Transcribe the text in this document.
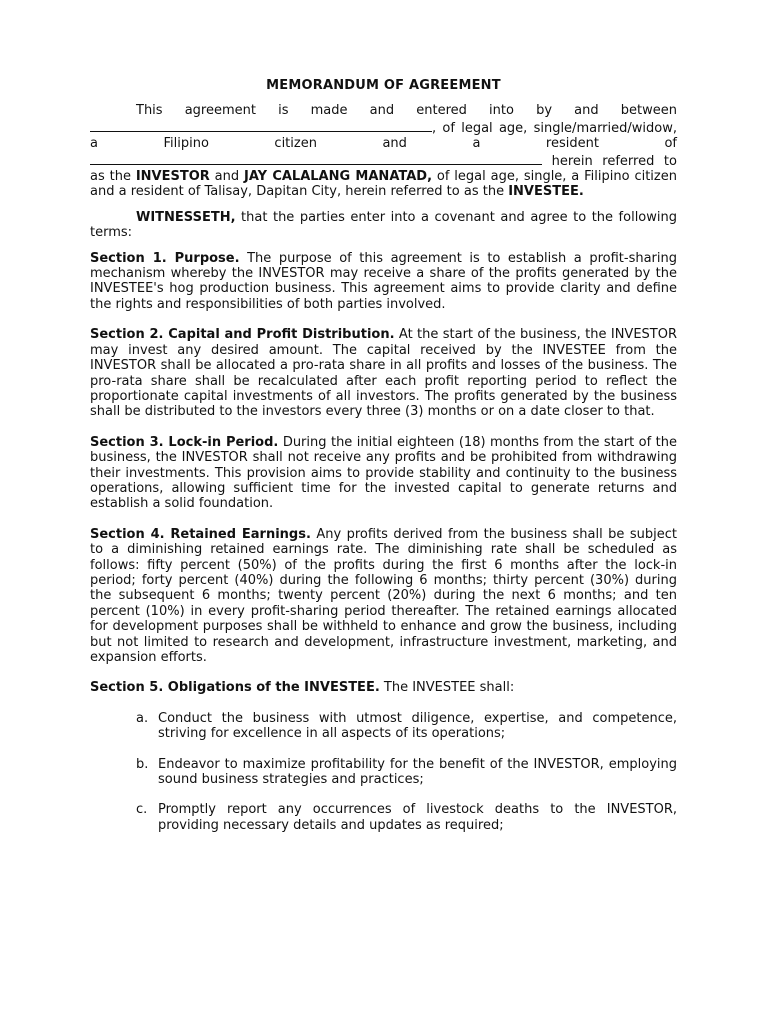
MEMORANDUM OF AGREEMENT

This agreement is made and entered into by and between , of legal age, single/married/widow, a Filipino citizen and a resident of  herein referred to as the INVESTOR and JAY CALALANG MANATAD, of legal age, single, a Filipino citizen and a resident of Talisay, Dapitan City, herein referred to as the INVESTEE.

WITNESSETH, that the parties enter into a covenant and agree to the following terms:

Section 1. Purpose. The purpose of this agreement is to establish a profit-sharing mechanism whereby the INVESTOR may receive a share of the profits generated by the INVESTEE's hog production business. This agreement aims to provide clarity and define the rights and responsibilities of both parties involved.

Section 2. Capital and Profit Distribution. At the start of the business, the INVESTOR may invest any desired amount. The capital received by the INVESTEE from the INVESTOR shall be allocated a pro-rata share in all profits and losses of the business. The pro-rata share shall be recalculated after each profit reporting period to reflect the proportionate capital investments of all investors. The profits generated by the business shall be distributed to the investors every three (3) months or on a date closer to that.

Section 3. Lock-in Period. During the initial eighteen (18) months from the start of the business, the INVESTOR shall not receive any profits and be prohibited from withdrawing their investments. This provision aims to provide stability and continuity to the business operations, allowing sufficient time for the invested capital to generate returns and establish a solid foundation.

Section 4. Retained Earnings. Any profits derived from the business shall be subject to a diminishing retained earnings rate. The diminishing rate shall be scheduled as follows: fifty percent (50%) of the profits during the first 6 months after the lock-in period; forty percent (40%) during the following 6 months; thirty percent (30%) during the subsequent 6 months; twenty percent (20%) during the next 6 months; and ten percent (10%) in every profit-sharing period thereafter. The retained earnings allocated for development purposes shall be withheld to enhance and grow the business, including but not limited to research and development, infrastructure investment, marketing, and expansion efforts.

Section 5. Obligations of the INVESTEE. The INVESTEE shall:

a. Conduct the business with utmost diligence, expertise, and competence, striving for excellence in all aspects of its operations;
b. Endeavor to maximize profitability for the benefit of the INVESTOR, employing sound business strategies and practices;
c. Promptly report any occurrences of livestock deaths to the INVESTOR, providing necessary details and updates as required;
